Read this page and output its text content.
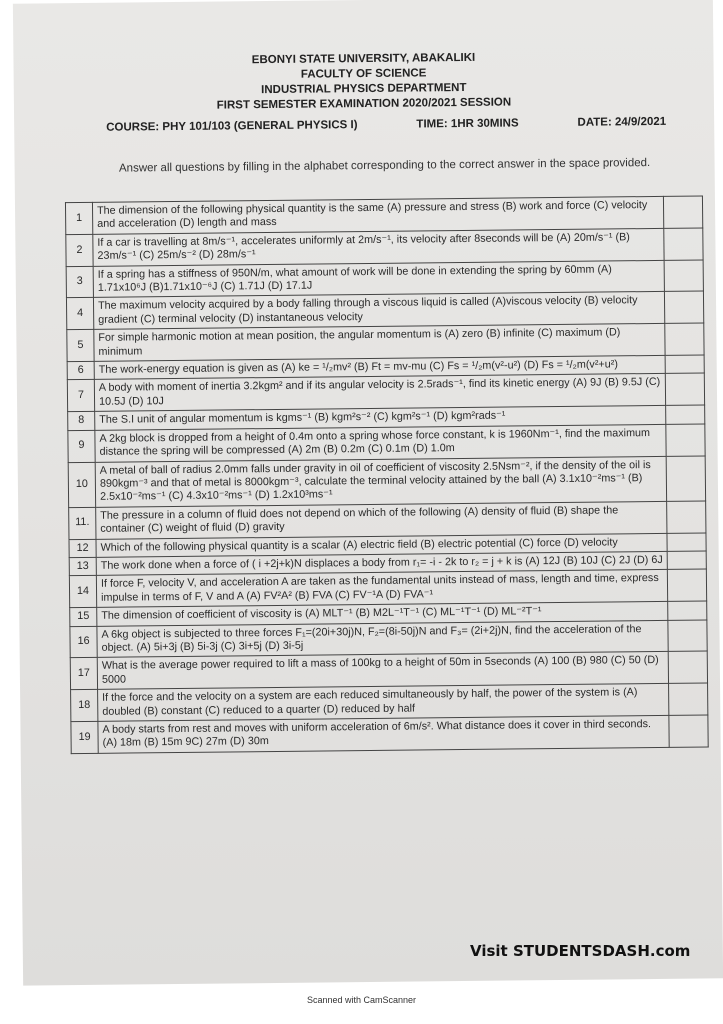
EBONYI STATE UNIVERSITY, ABAKALIKI
FACULTY OF SCIENCE
INDUSTRIAL PHYSICS DEPARTMENT
FIRST SEMESTER EXAMINATION 2020/2021 SESSION
COURSE: PHY 101/103 (GENERAL PHYSICS I)	TIME: 1HR 30MINS	DATE: 24/9/2021
Answer all questions by filling in the alphabet corresponding to the correct answer in the space provided.
1	The dimension of the following physical quantity is the same (A) pressure and stress (B) work and force (C) velocity and acceleration (D) length and mass	
2	If a car is travelling at 8m/s⁻¹, accelerates uniformly at 2m/s⁻¹, its velocity after 8seconds will be (A) 20m/s⁻¹ (B) 23m/s⁻¹ (C) 25m/s⁻² (D) 28m/s⁻¹	
3	If a spring has a stiffness of 950N/m, what amount of work will be done in extending the spring by 60mm (A) 1.71x10⁶J (B)1.71x10⁻⁶J (C) 1.71J (D) 17.1J	
4	The maximum velocity acquired by a body falling through a viscous liquid is called (A)viscous velocity (B) velocity gradient (C) terminal velocity (D) instantaneous velocity	
5	For simple harmonic motion at mean position, the angular momentum is (A) zero (B) infinite (C) maximum (D) minimum	
6	The work-energy equation is given as (A) ke = ¹/₂mv² (B) Ft = mv-mu (C) Fs = ¹/₂m(v²-u²) (D) Fs = ¹/₂m(v²+u²)	
7	A body with moment of inertia 3.2kgm² and if its angular velocity is 2.5rads⁻¹, find its kinetic energy (A) 9J (B) 9.5J (C) 10.5J (D) 10J	
8	The S.I unit of angular momentum is kgms⁻¹ (B) kgm²s⁻² (C) kgm²s⁻¹ (D) kgm²rads⁻¹	
9	A 2kg block is dropped from a height of 0.4m onto a spring whose force constant, k is 1960Nm⁻¹, find the maximum distance the spring will be compressed (A) 2m (B) 0.2m (C) 0.1m (D) 1.0m	
10	A metal of ball of radius 2.0mm falls under gravity in oil of coefficient of viscosity 2.5Nsm⁻², if the density of the oil is 890kgm⁻³ and that of metal is 8000kgm⁻³, calculate the terminal velocity attained by the ball (A) 3.1x10⁻²ms⁻¹ (B) 2.5x10⁻²ms⁻¹ (C) 4.3x10⁻²ms⁻¹ (D) 1.2x10³ms⁻¹	
11.	The pressure in a column of fluid does not depend on which of the following (A) density of fluid (B) shape the container (C) weight of fluid (D) gravity	
12	Which of the following physical quantity is a scalar (A) electric field (B) electric potential (C) force (D) velocity	
13	The work done when a force of ( i +2j+k)N displaces a body from r₁= -i - 2k to r₂ = j + k is (A) 12J (B) 10J (C) 2J (D) 6J	
14	If force F, velocity V, and acceleration A are taken as the fundamental units instead of mass, length and time, express impulse in terms of F, V and A (A) FV²A² (B) FVA (C) FV⁻¹A (D) FVA⁻¹	
15	The dimension of coefficient of viscosity is (A) MLT⁻¹ (B) M2L⁻¹T⁻¹ (C) ML⁻¹T⁻¹ (D) ML⁻²T⁻¹	
16	A 6kg object is subjected to three forces F₁=(20i+30j)N, F₂=(8i-50j)N and F₃= (2i+2j)N, find the acceleration of the object. (A) 5i+3j (B) 5i-3j (C) 3i+5j (D) 3i-5j	
17	What is the average power required to lift a mass of 100kg to a height of 50m in 5seconds (A) 100 (B) 980 (C) 50 (D) 5000	
18	If the force and the velocity on a system are each reduced simultaneously by half, the power of the system is (A) doubled (B) constant (C) reduced to a quarter (D) reduced by half	
19	A body starts from rest and moves with uniform acceleration of 6m/s². What distance does it cover in third seconds. (A) 18m (B) 15m 9C) 27m (D) 30m	
Visit STUDENTSDASH.com
Scanned with CamScanner
